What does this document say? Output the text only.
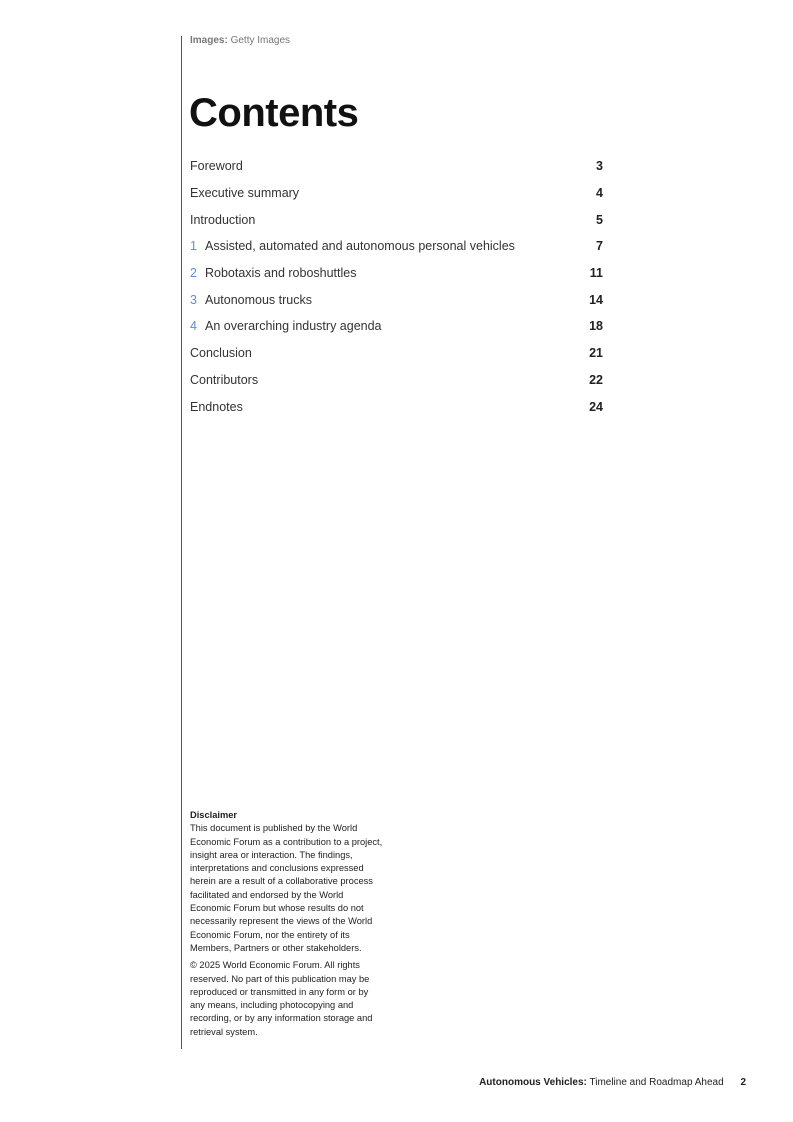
Images: Getty Images
Contents
Foreword	3
Executive summary	4
Introduction	5
1 Assisted, automated and autonomous personal vehicles	7
2 Robotaxis and roboshuttles	11
3 Autonomous trucks	14
4 An overarching industry agenda	18
Conclusion	21
Contributors	22
Endnotes	24
Disclaimer

This document is published by the World Economic Forum as a contribution to a project, insight area or interaction. The findings, interpretations and conclusions expressed herein are a result of a collaborative process facilitated and endorsed by the World Economic Forum but whose results do not necessarily represent the views of the World Economic Forum, nor the entirety of its Members, Partners or other stakeholders.

© 2025 World Economic Forum. All rights reserved. No part of this publication may be reproduced or transmitted in any form or by any means, including photocopying and recording, or by any information storage and retrieval system.

Autonomous Vehicles: Timeline and Roadmap Ahead 2
